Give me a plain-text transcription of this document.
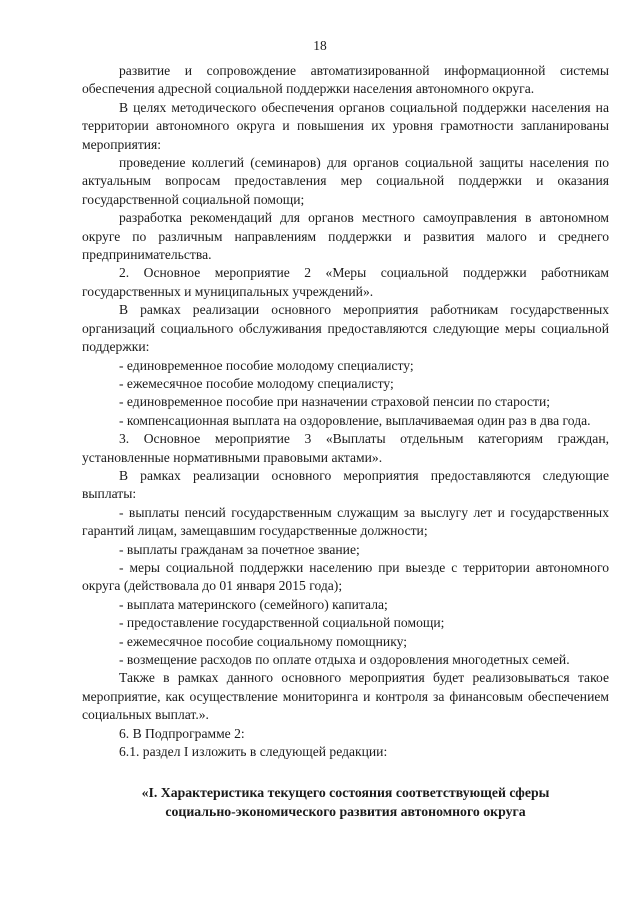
18

развитие и сопровождение автоматизированной информационной системы обеспечения адресной социальной поддержки населения автономного округа.

В целях методического обеспечения органов социальной поддержки населения на территории автономного округа и повышения их уровня грамотности запланированы мероприятия:

проведение коллегий (семинаров) для органов социальной защиты населения по актуальным вопросам предоставления мер социальной поддержки и оказания государственной социальной помощи;

разработка рекомендаций для органов местного самоуправления в автономном округе по различным направлениям поддержки и развития малого и среднего предпринимательства.

2. Основное мероприятие 2 «Меры социальной поддержки работникам государственных и муниципальных учреждений».

В рамках реализации основного мероприятия работникам государственных организаций социального обслуживания предоставляются следующие меры социальной поддержки:

- единовременное пособие молодому специалисту;

- ежемесячное пособие молодому специалисту;

- единовременное пособие при назначении страховой пенсии по старости;

- компенсационная выплата на оздоровление, выплачиваемая один раз в два года.

3. Основное мероприятие 3 «Выплаты отдельным категориям граждан, установленные нормативными правовыми актами».

В рамках реализации основного мероприятия предоставляются следующие выплаты:

- выплаты пенсий государственным служащим за выслугу лет и государственных гарантий лицам, замещавшим государственные должности;

- выплаты гражданам за почетное звание;

- меры социальной поддержки населению при выезде с территории автономного округа (действовала до 01 января 2015 года);

- выплата материнского (семейного) капитала;

- предоставление государственной социальной помощи;

- ежемесячное пособие социальному помощнику;

- возмещение расходов по оплате отдыха и оздоровления многодетных семей.

Также в рамках данного основного мероприятия будет реализовываться такое мероприятие, как осуществление мониторинга и контроля за финансовым обеспечением социальных выплат.».

6. В Подпрограмме 2:

6.1. раздел I изложить в следующей редакции:

«I. Характеристика текущего состояния соответствующей сферы

социально-экономического развития автономного округа
